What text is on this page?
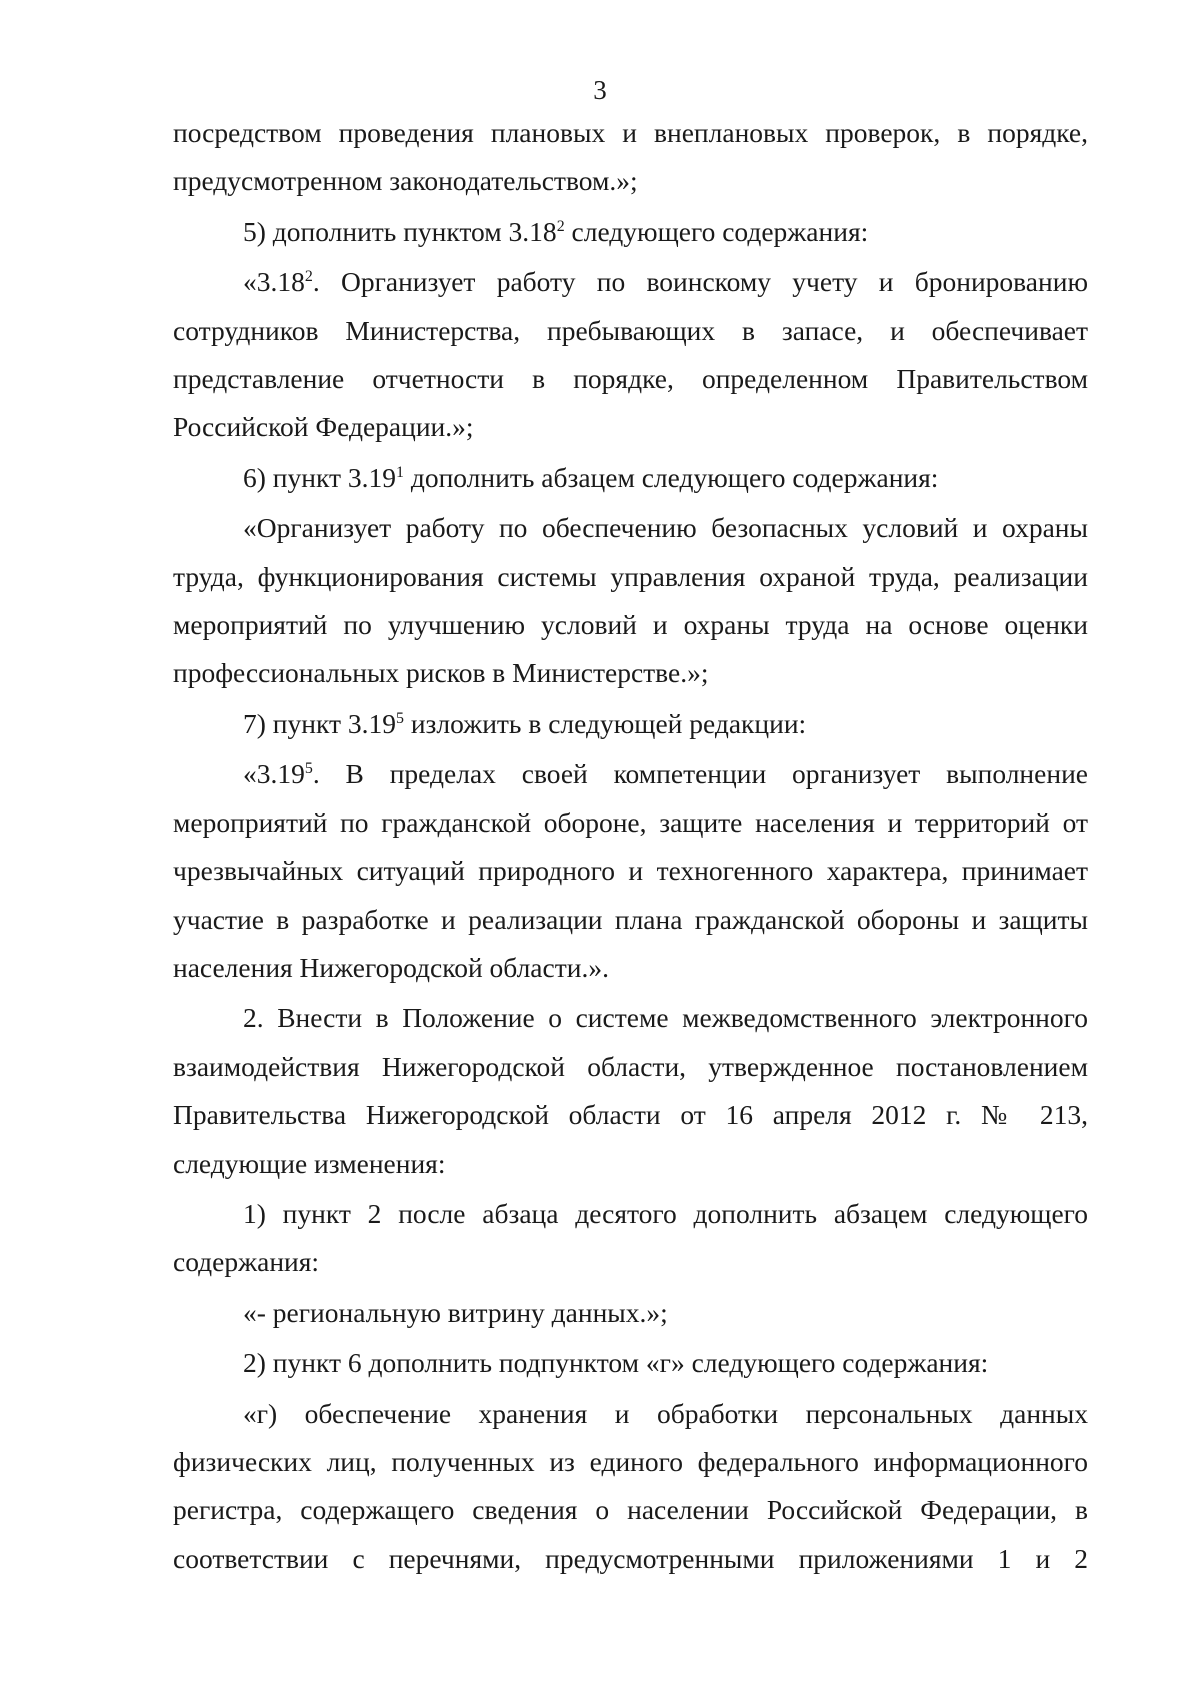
3

посредством проведения плановых и внеплановых проверок, в порядке, предусмотренном законодательством.»;

5) дополнить пунктом 3.18$^2$ следующего содержания:

«3.18$^2$. Организует работу по воинскому учету и бронированию сотрудников Министерства, пребывающих в запасе, и обеспечивает представление отчетности в порядке, определенном Правительством Российской Федерации.»;

6) пункт 3.19$^1$ дополнить абзацем следующего содержания:

«Организует работу по обеспечению безопасных условий и охраны труда, функционирования системы управления охраной труда, реализации мероприятий по улучшению условий и охраны труда на основе оценки профессиональных рисков в Министерстве.»;

7) пункт 3.19$^5$ изложить в следующей редакции:

«3.19$^5$. В пределах своей компетенции организует выполнение мероприятий по гражданской обороне, защите населения и территорий от чрезвычайных ситуаций природного и техногенного характера, принимает участие в разработке и реализации плана гражданской обороны и защиты населения Нижегородской области.».

2. Внести в Положение о системе межведомственного электронного взаимодействия Нижегородской области, утвержденное постановлением Правительства Нижегородской области от 16 апреля 2012 г. № 213, следующие изменения:

1) пункт 2 после абзаца десятого дополнить абзацем следующего содержания:

«- региональную витрину данных.»;

2) пункт 6 дополнить подпунктом «г» следующего содержания:

«г) обеспечение хранения и обработки персональных данных физических лиц, полученных из единого федерального информационного регистра, содержащего сведения о населении Российской Федерации, в соответствии с перечнями, предусмотренными приложениями 1 и 2
